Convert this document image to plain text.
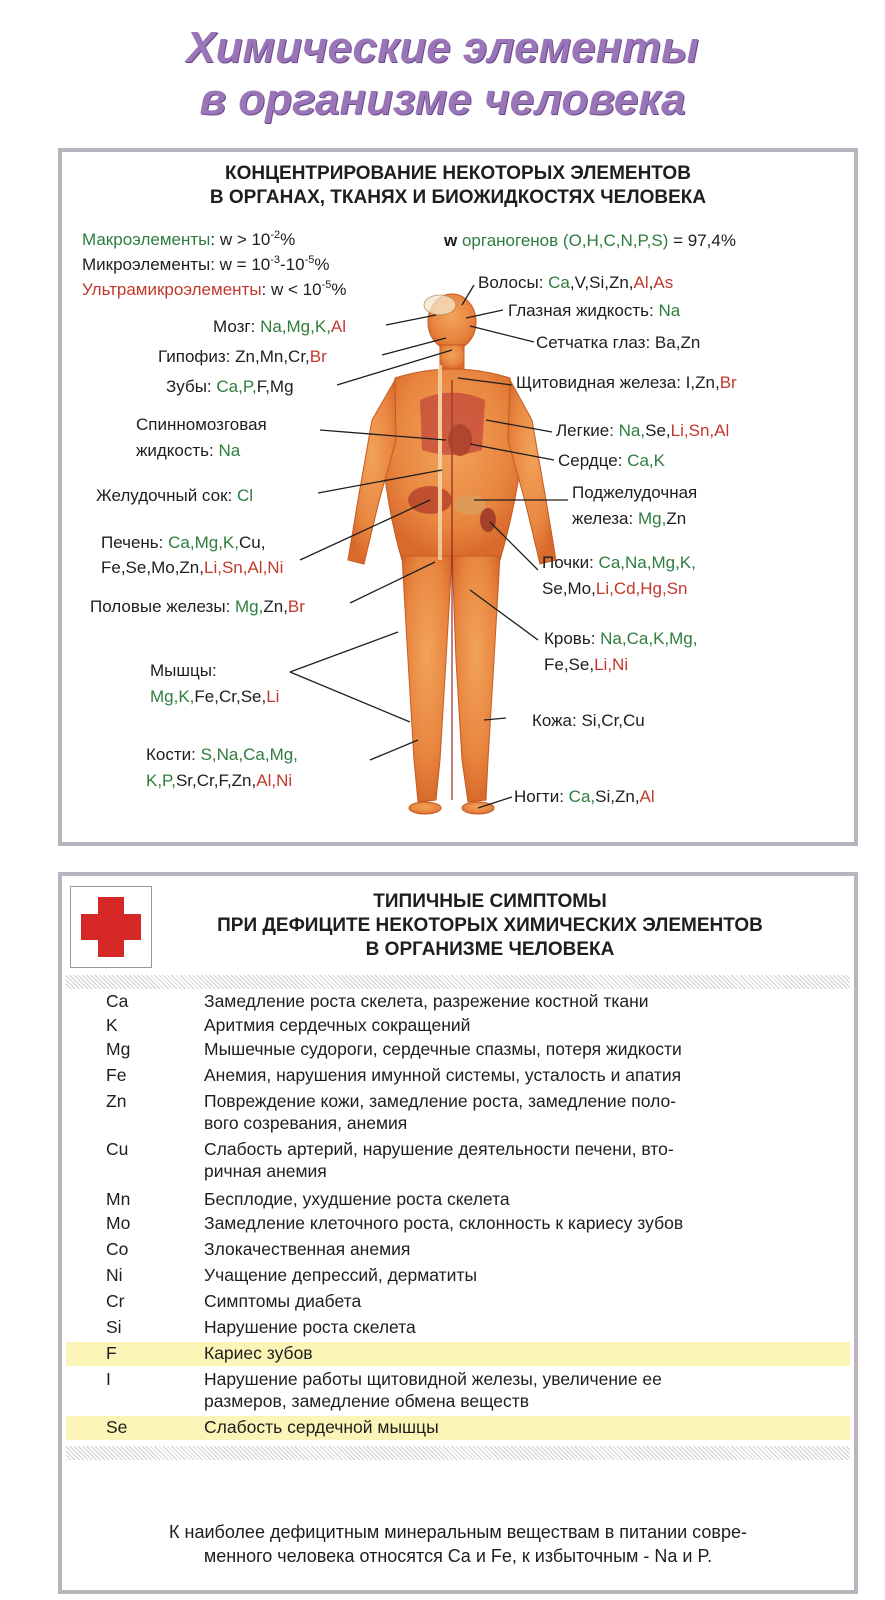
Химические элементы
в организме человека
КОНЦЕНТРИРОВАНИЕ НЕКОТОРЫХ ЭЛЕМЕНТОВ
В ОРГАНАХ, ТКАНЯХ И БИОЖИДКОСТЯХ ЧЕЛОВЕКА
Макроэлементы: $w > 10^{-2}\%$
Микроэлементы: $w = 10^{-3}-10^{-5}\%$
Ультрамикроэлементы: $w < 10^{-5}\%$
w органогенов (O,H,C,N,P,S) = 97,4%
Волосы: Ca,V,Si,Zn,Al,As
Глазная жидкость: Na
Мозг: Na,Mg,K,Al
Сетчатка глаз: Ba,Zn
Гипофиз: Zn,Mn,Cr,Br
Зубы: Ca,P,F,Mg	Щитовидная железа: I,Zn,Br
Спинномозговая
жидкость: Na
Легкие: Na,Se,Li,Sn,Al
Сердце: Ca,K
Желудочный сок: Cl	Поджелудочная
железа: Mg,Zn
Печень: Ca,Mg,K,Cu,
Fe,Se,Mo,Zn,Li,Sn,Al,Ni	Почки: Ca,Na,Mg,K,
Se,Mo,Li,Cd,Hg,Sn
Половые железы: Mg,Zn,Br
Кровь: Na,Ca,K,Mg,
Fe,Se,Li,Ni
Мышцы:
Mg,K,Fe,Cr,Se,Li
Кожа: Si,Cr,Cu
Кости: S,Na,Ca,Mg,
K,P,Sr,Cr,F,Zn,Al,Ni
Ногти: Ca,Si,Zn,Al
ТИПИЧНЫЕ СИМПТОМЫ
ПРИ ДЕФИЦИТЕ НЕКОТОРЫХ ХИМИЧЕСКИХ ЭЛЕМЕНТОВ
В ОРГАНИЗМЕ ЧЕЛОВЕКА
Ca	Замедление роста скелета, разрежение костной ткани
K	Аритмия сердечных сокращений
Mg	Мышечные судороги, сердечные спазмы, потеря жидкости
Fe	Анемия, нарушения имунной системы, усталость и апатия
Zn	Повреждение кожи, замедление роста, замедление поло-
вого созревания, анемия
Cu	Слабость артерий, нарушение деятельности печени, вто-
ричная анемия
Mn	Бесплодие, ухудшение роста скелета
Mo	Замедление клеточного роста, склонность к кариесу зубов
Co	Злокачественная анемия
Ni	Учащение депрессий, дерматиты
Cr	Симптомы диабета
Si	Нарушение роста скелета
F	Кариес зубов
I	Нарушение работы щитовидной железы, увеличение ее
размеров, замедление обмена веществ
Se	Слабость сердечной мышцы
К наиболее дефицитным минеральным веществам в питании совре-
менного человека относятся Ca и Fe, к избыточным - Na и P.
